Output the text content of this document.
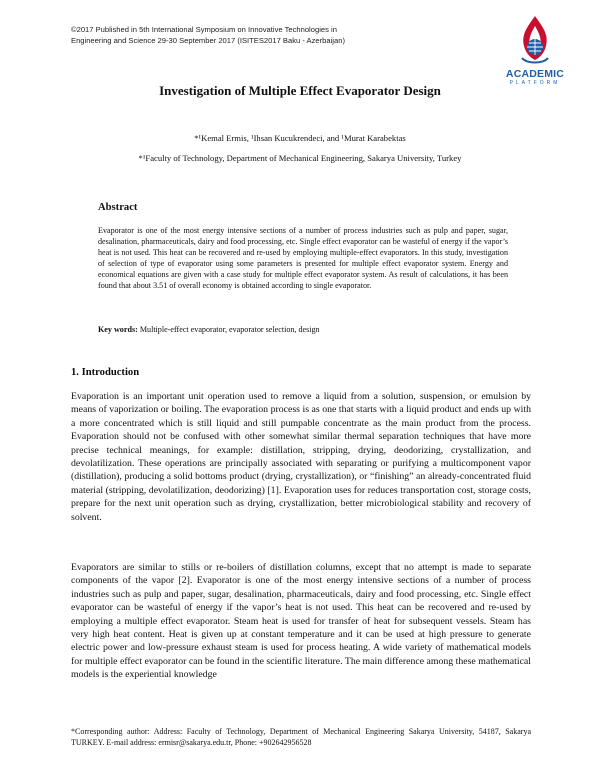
©2017 Published in 5th International Symposium on Innovative Technologies in
Engineering and Science 29-30 September 2017 (ISITES2017 Baku - Azerbaijan)
ACADEMIC
PLATFORM
Investigation of Multiple Effect Evaporator Design
*¹Kemal Ermis, ¹Ihsan Kucukrendeci, and ¹Murat Karabektas
*¹Faculty of Technology, Department of Mechanical Engineering, Sakarya University, Turkey
Abstract

Evaporator is one of the most energy intensive sections of a number of process industries such as pulp and paper, sugar, desalination, pharmaceuticals, dairy and food processing, etc. Single effect evaporator can be wasteful of energy if the vapor’s heat is not used. This heat can be recovered and re-used by employing multiple-effect evaporators. In this study, investigation of selection of type of evaporator using some parameters is presented for multiple effect evaporator system. Energy and economical equations are given with a case study for multiple effect evaporator system. As result of calculations, it has been found that about 3.51 of overall economy is obtained according to single evaporator.

Key words: Multiple-effect evaporator, evaporator selection, design

1. Introduction

Evaporation is an important unit operation used to remove a liquid from a solution, suspension, or emulsion by means of vaporization or boiling. The evaporation process is as one that starts with a liquid product and ends up with a more concentrated which is still liquid and still pumpable concentrate as the main product from the process. Evaporation should not be confused with other somewhat similar thermal separation techniques that have more precise technical meanings, for example: distillation, stripping, drying, deodorizing, crystallization, and devolatilization. These operations are principally associated with separating or purifying a multicomponent vapor (distillation), producing a solid bottoms product (drying, crystallization), or “finishing” an already-concentrated fluid material (stripping, devolatilization, deodorizing) [1]. Evaporation uses for reduces transportation cost, storage costs, prepare for the next unit operation such as drying, crystallization, better microbiological stability and recovery of solvent.

Evaporators are similar to stills or re-boilers of distillation columns, except that no attempt is made to separate components of the vapor [2]. Evaporator is one of the most energy intensive sections of a number of process industries such as pulp and paper, sugar, desalination, pharmaceuticals, dairy and food processing, etc. Single effect evaporator can be wasteful of energy if the vapor’s heat is not used. This heat can be recovered and re-used by employing a multiple effect evaporator. Steam heat is used for transfer of heat for subsequent vessels. Steam has very high heat content. Heat is given up at constant temperature and it can be used at high pressure to generate electric power and low-pressure exhaust steam is used for process heating. A wide variety of mathematical models for multiple effect evaporator can be found in the scientific literature. The main difference among these mathematical models is the experiential knowledge

*Corresponding author: Address: Faculty of Technology, Department of Mechanical Engineering Sakarya University, 54187, Sakarya TURKEY. E-mail address: ermisr@sakarya.edu.tr, Phone: +902642956528
